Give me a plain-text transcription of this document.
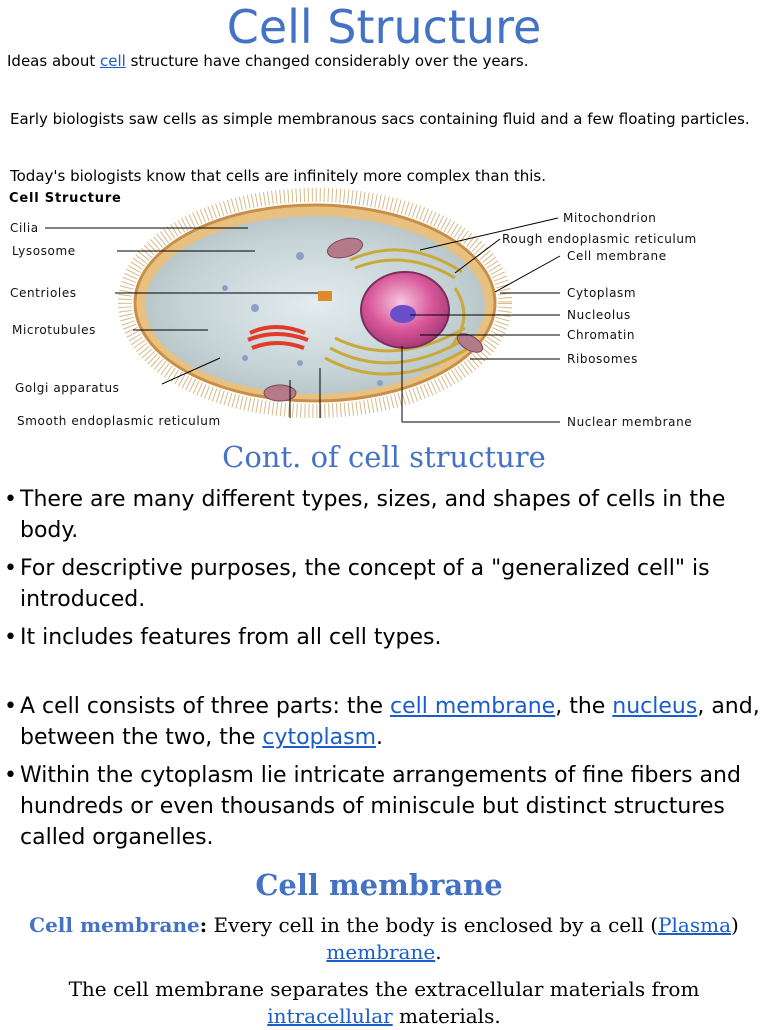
Cell Structure
Ideas about cell structure have changed considerably over the years.
Early biologists saw cells as simple membranous sacs containing fluid and a few floating particles.
Today's biologists know that cells are infinitely more complex than this.
Cell Structure
Cilia
Lysosome
Centrioles
Microtubules
Golgi apparatus
Smooth endoplasmic reticulum
Mitochondrion
Rough endoplasmic reticulum
Cell membrane
Cytoplasm
Nucleolus
Chromatin
Ribosomes
Nuclear membrane
Cont. of cell structure
• There are many different types, sizes, and shapes of cells in the body.
• For descriptive purposes, the concept of a "generalized cell" is introduced.
• It includes features from all cell types.
• A cell consists of three parts: the cell membrane, the nucleus, and, between the two, the cytoplasm.
• Within the cytoplasm lie intricate arrangements of fine fibers and hundreds or even thousands of miniscule but distinct structures called organelles.
Cell membrane
Cell membrane: Every cell in the body is enclosed by a cell (Plasma)
membrane.
The cell membrane separates the extracellular materials from
intracellular materials.
